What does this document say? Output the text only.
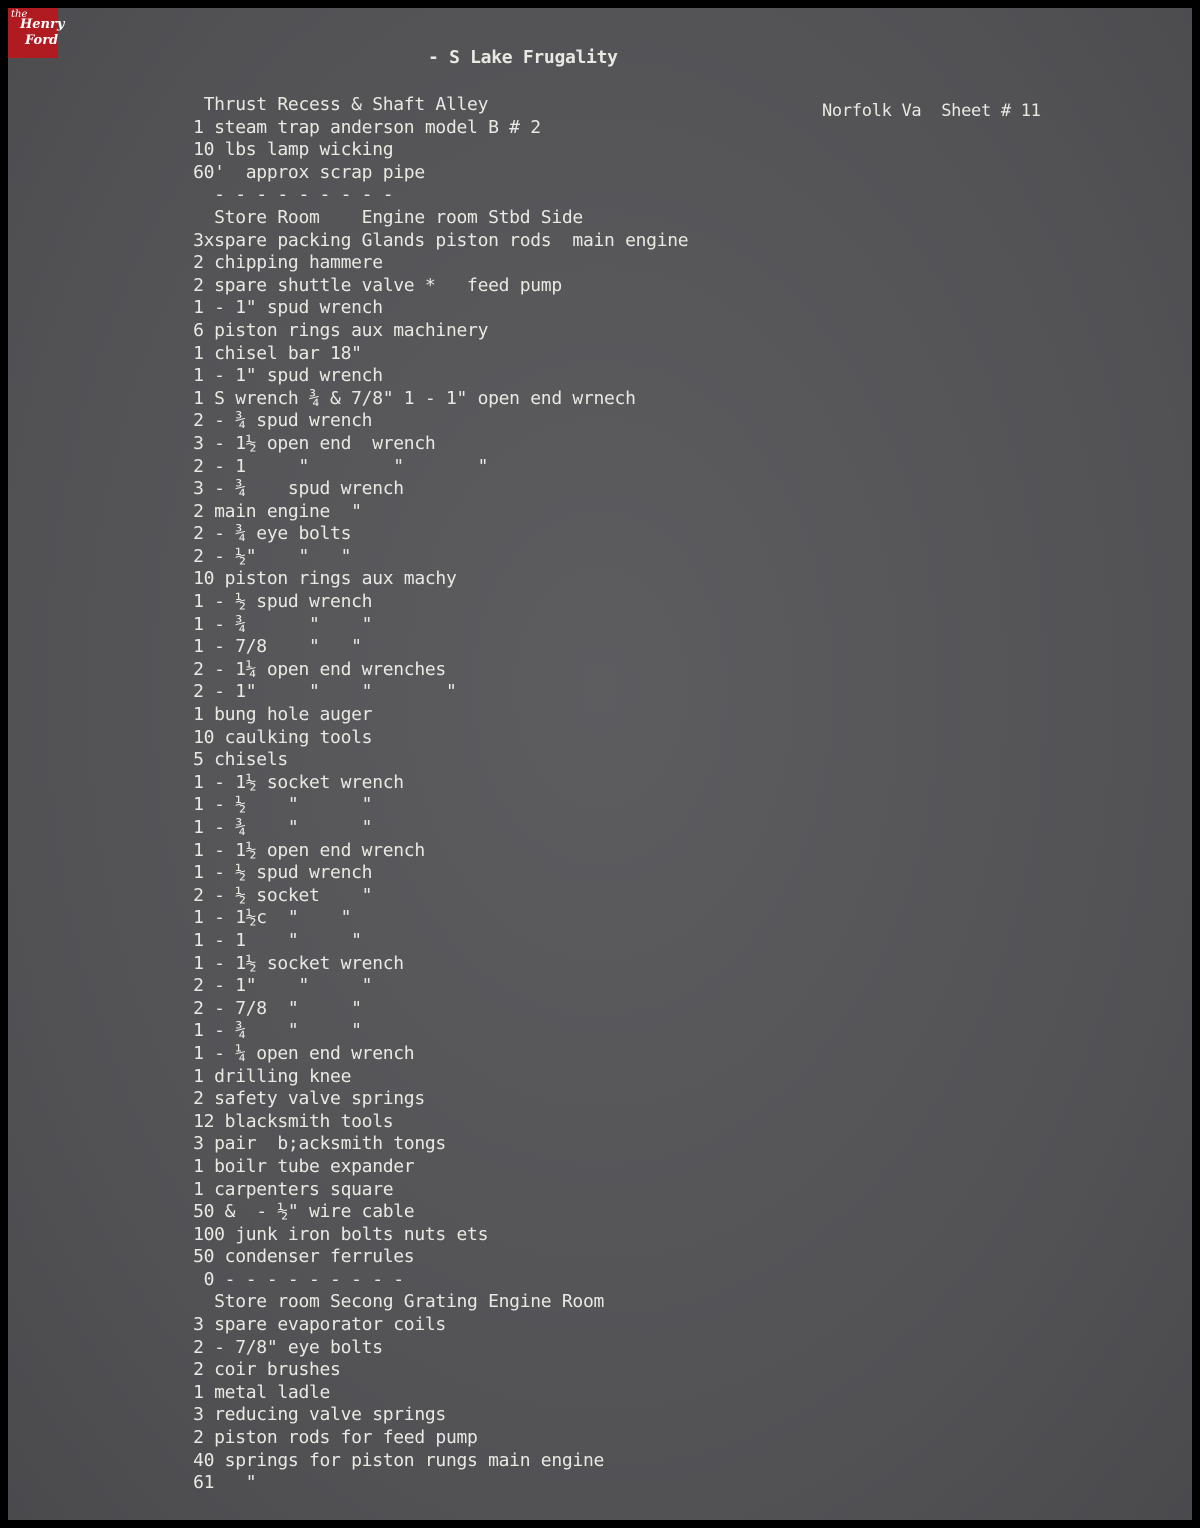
the
Henry
Ford
- S Lake Frugality
Norfolk Va Sheet # 11
Thrust Recess & Shaft Alley
1 steam trap anderson model B # 2
10 lbs lamp wicking
60'  approx scrap pipe
- - - - - - - - -
Store Room    Engine room Stbd Side
3xspare packing Glands piston rods  main engine
2 chipping hammere
2 spare shuttle valve *   feed pump
1 - 1" spud wrench
6 piston rings aux machinery
1 chisel bar 18"
1 - 1" spud wrench
1 S wrench ¾ & 7/8" 1 - 1" open end wrnech
2 - ¾ spud wrench
3 - 1½ open end  wrench
2 - 1     "        "       "
3 - ¾    spud wrench
2 main engine  "
2 - ¾ eye bolts
2 - ½"    "   "
10 piston rings aux machy
1 - ½ spud wrench
1 - ¾      "    "
1 - 7/8    "   "
2 - 1¼ open end wrenches
2 - 1"     "    "       "
1 bung hole auger
10 caulking tools
5 chisels
1 - 1½ socket wrench
1 - ½    "      "
1 - ¾    "      "
1 - 1½ open end wrench
1 - ½ spud wrench
2 - ½ socket    "
1 - 1½c  "    "
1 - 1    "     "
1 - 1½ socket wrench
2 - 1"    "     "
2 - 7/8  "     "
1 - ¾    "     "
1 - ¼ open end wrench
1 drilling knee
2 safety valve springs
12 blacksmith tools
3 pair  b;acksmith tongs
1 boilr tube expander
1 carpenters square
50 &  - ½" wire cable
100 junk iron bolts nuts ets
50 condenser ferrules
0 - - - - - - - - -
Store room Secong Grating Engine Room
3 spare evaporator coils
2 - 7/8" eye bolts
2 coir brushes
1 metal ladle
3 reducing valve springs
2 piston rods for feed pump
40 springs for piston rungs main engine
61   "
